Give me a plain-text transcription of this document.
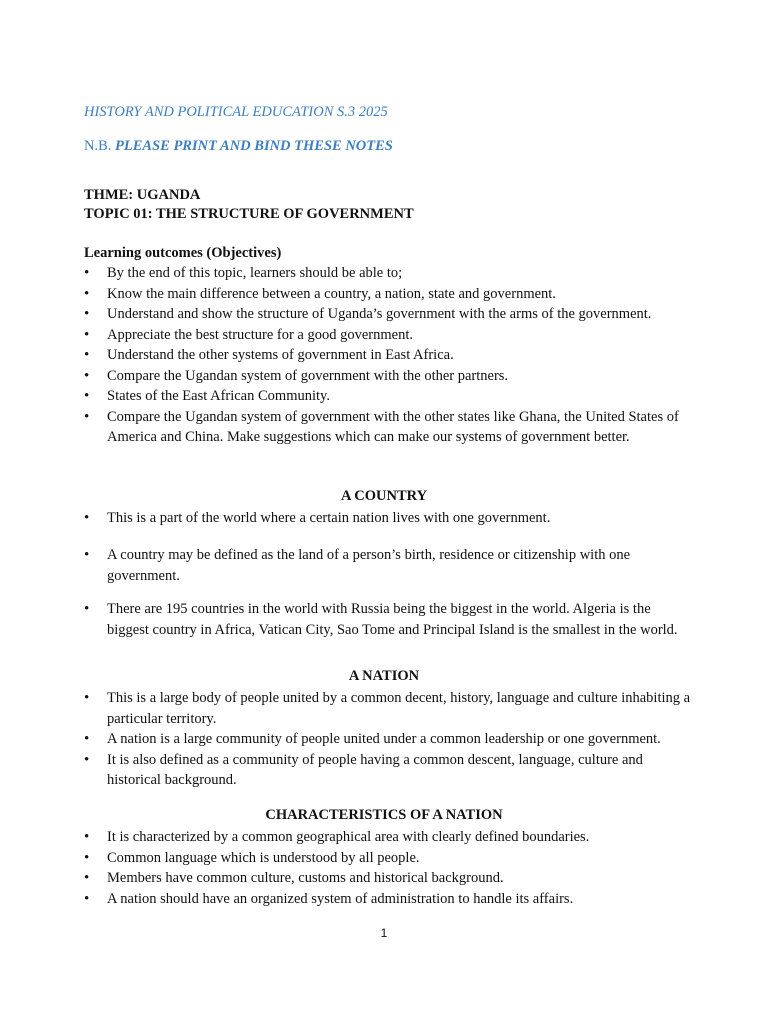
HISTORY AND POLITICAL EDUCATION S.3 2025
N.B. PLEASE PRINT AND BIND THESE NOTES
THME: UGANDA
TOPIC 01: THE STRUCTURE OF GOVERNMENT
Learning outcomes (Objectives)
• By the end of this topic, learners should be able to;
• Know the main difference between a country, a nation, state and government.
• Understand and show the structure of Uganda’s government with the arms of the government.
• Appreciate the best structure for a good government.
• Understand the other systems of government in East Africa.
• Compare the Ugandan system of government with the other partners.
• States of the East African Community.
• Compare the Ugandan system of government with the other states like Ghana, the United States of America and China. Make suggestions which can make our systems of government better.
A COUNTRY
• This is a part of the world where a certain nation lives with one government.
• A country may be defined as the land of a person’s birth, residence or citizenship with one government.
• There are 195 countries in the world with Russia being the biggest in the world. Algeria is the biggest country in Africa, Vatican City, Sao Tome and Principal Island is the smallest in the world.
A NATION
• This is a large body of people united by a common decent, history, language and culture inhabiting a particular territory.
• A nation is a large community of people united under a common leadership or one government.
• It is also defined as a community of people having a common descent, language, culture and historical background.
CHARACTERISTICS OF A NATION
• It is characterized by a common geographical area with clearly defined boundaries.
• Common language which is understood by all people.
• Members have common culture, customs and historical background.
• A nation should have an organized system of administration to handle its affairs.
1
